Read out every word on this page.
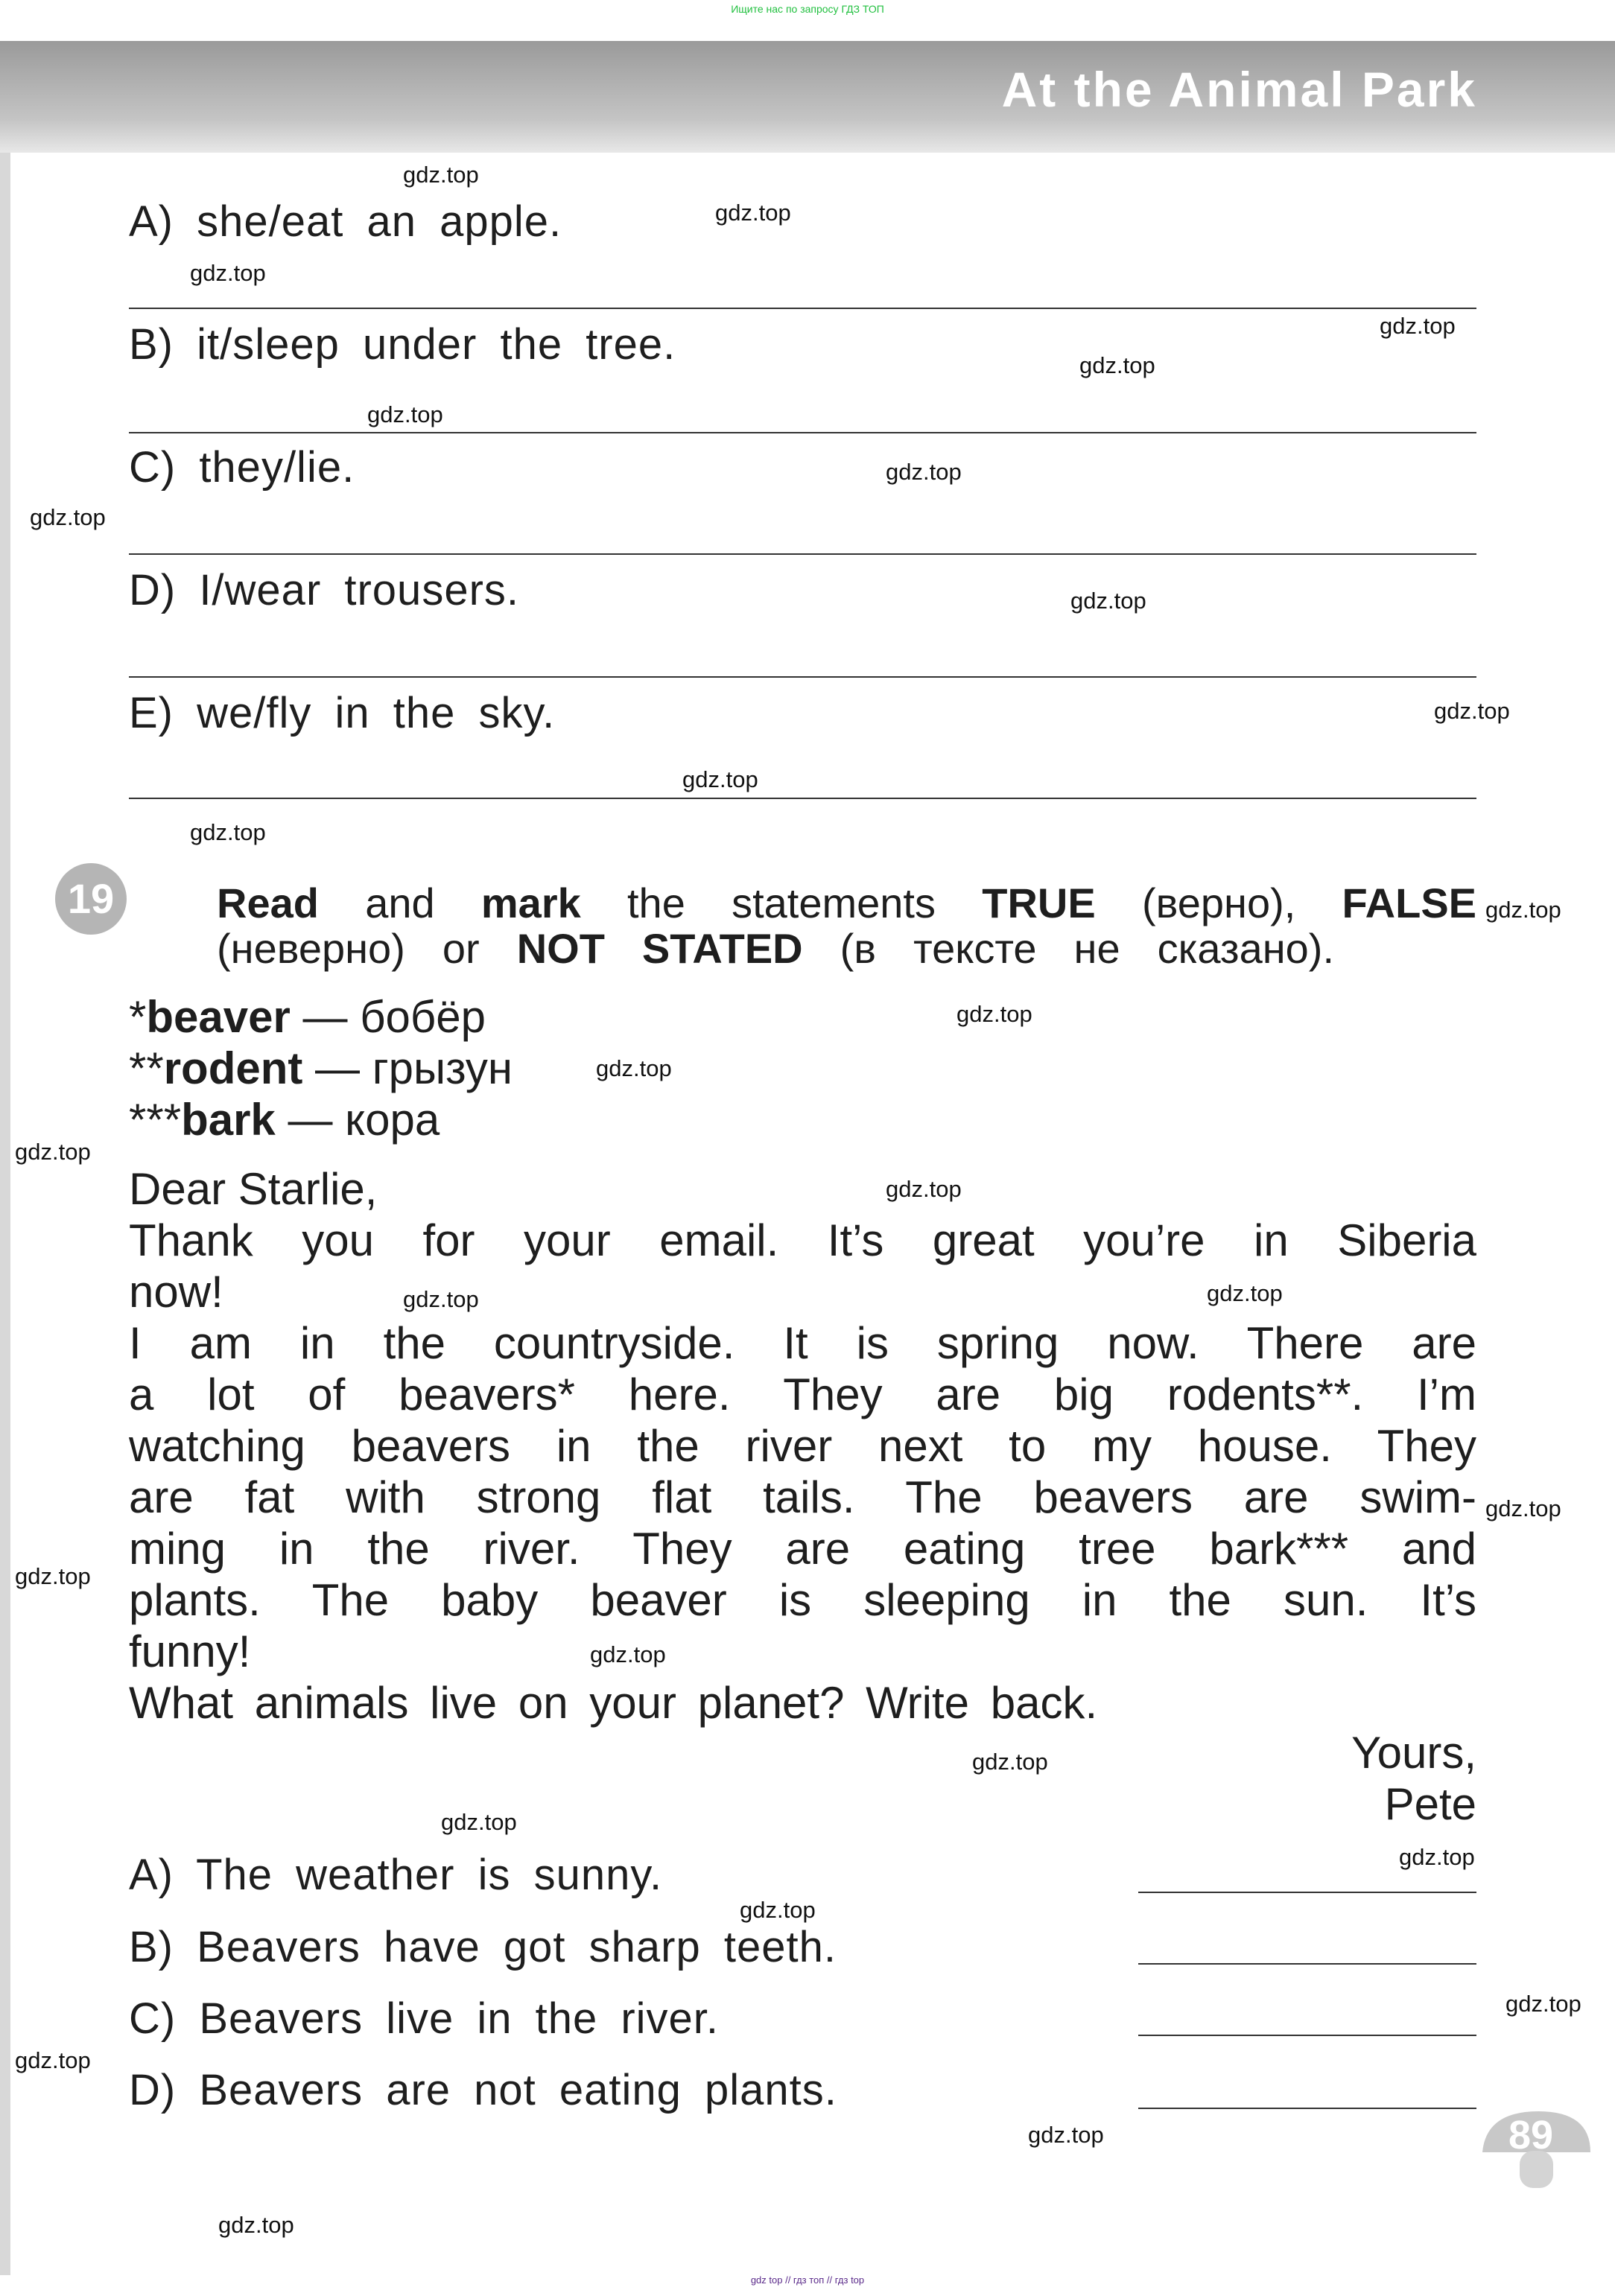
Ищите нас по запросу ГДЗ ТОП
At the Animal Park
A) she/eat an apple.
B) it/sleep under the tree.
C) they/lie.
D) I/wear trousers.
E) we/fly in the sky.
19	Read and mark the statements TRUE (верно), FALSE
(неверно) or NOT STATED (в тексте не сказано).
*beaver — бобёр
**rodent — грызун
***bark — кора
Dear Starlie,
Thank you for your email. It’s great you’re in Siberia
now!
I am in the countryside. It is spring now. There are
a lot of beavers* here. They are big rodents**. I’m
watching beavers in the river next to my house. They
are fat with strong flat tails. The beavers are swim-
ming in the river. They are eating tree bark*** and
plants. The baby beaver is sleeping in the sun. It’s
funny!
What animals live on your planet? Write back.
Yours,
Pete
A) The weather is sunny.
B) Beavers have got sharp teeth.
C) Beavers live in the river.
D) Beavers are not eating plants.
89
gdz.top
gdz.top
gdz.top
gdz.top
gdz.top
gdz.top
gdz.top
gdz.top
gdz.top
gdz.top
gdz.top
gdz.top
gdz.top
gdz.top
gdz.top
gdz.top
gdz.top
gdz.top
gdz.top
gdz.top
gdz.top
gdz.top
gdz.top
gdz.top
gdz.top
gdz.top
gdz.top
gdz.top
gdz.top
gdz.top
gdz top // гдз топ // гдз top
